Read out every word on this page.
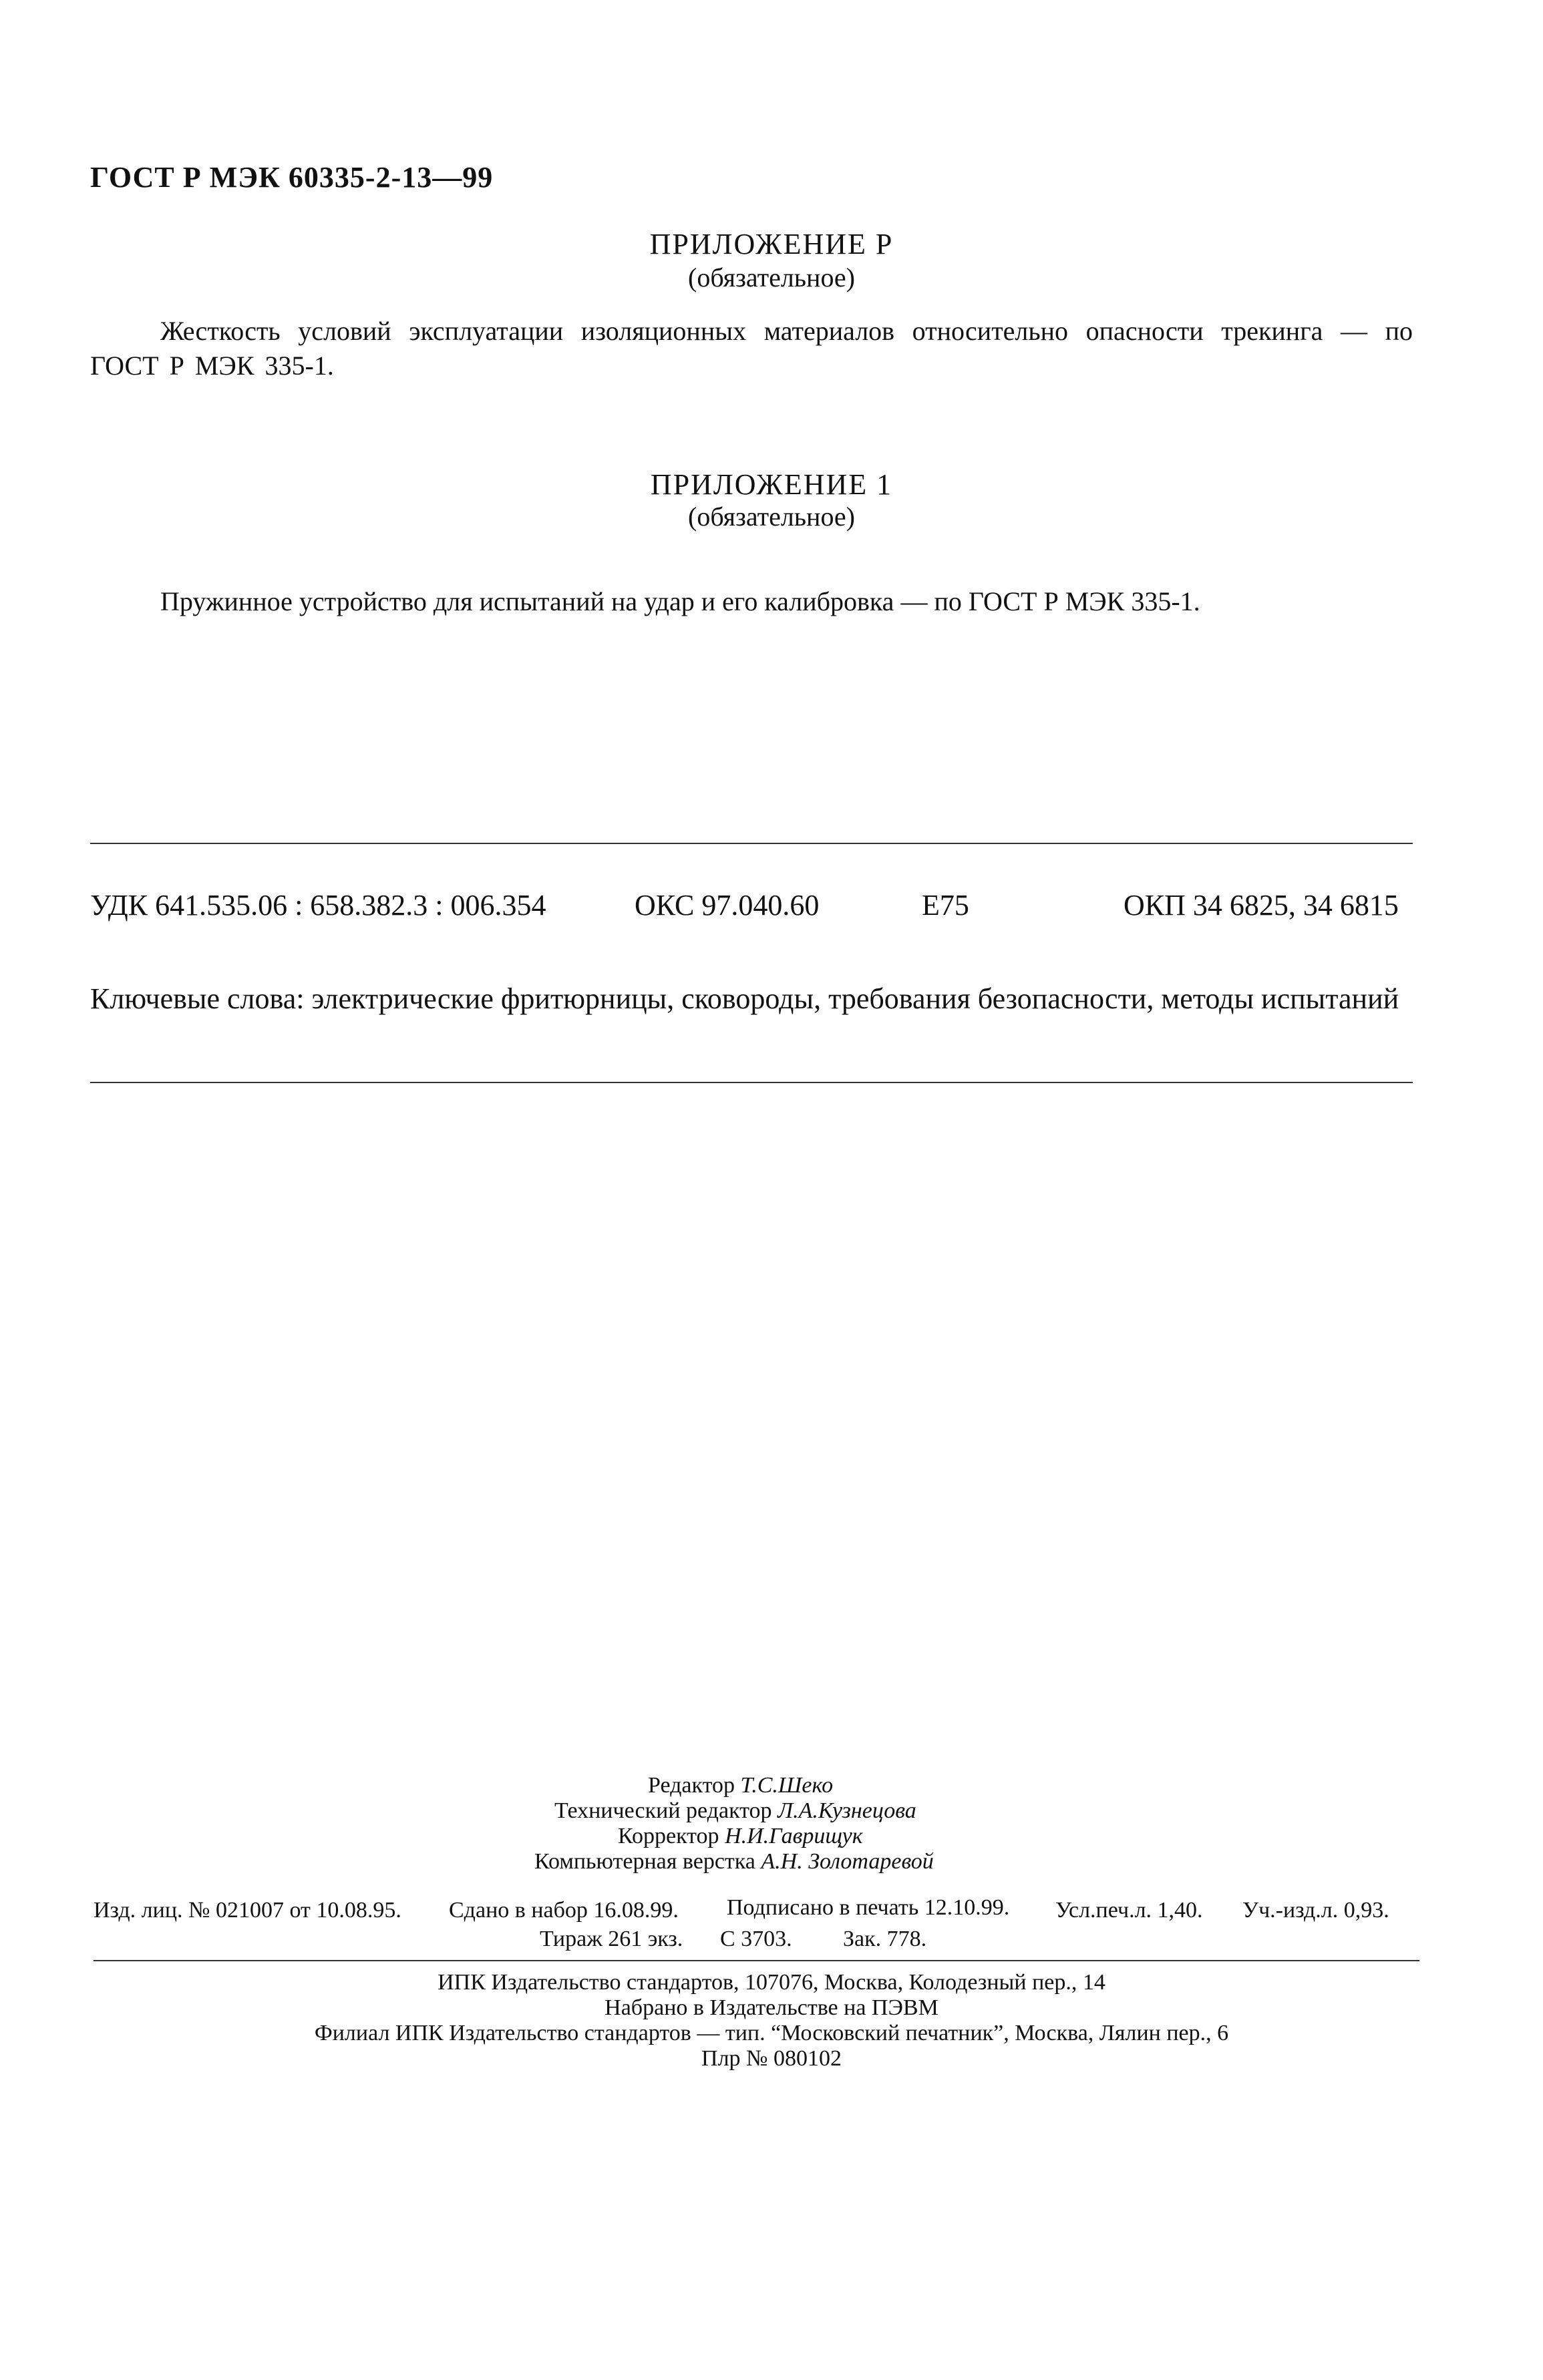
ГОСТ Р МЭК 60335-2-13—99
ПРИЛОЖЕНИЕ Р
(обязательное)
Жесткость условий эксплуатации изоляционных материалов относительно опасности трекинга — по ГОСТ Р МЭК 335-1.
ПРИЛОЖЕНИЕ 1
(обязательное)
Пружинное устройство для испытаний на удар и его калибровка — по ГОСТ Р МЭК 335-1.
УДК 641.535.06 : 658.382.3 : 006.354	ОКС 97.040.60	Е75	ОКП 34 6825, 34 6815
Ключевые слова: электрические фритюрницы, сковороды, требования безопасности, методы испытаний
Редактор Т.С.Шеко
Технический редактор Л.А.Кузнецова
Корректор Н.И.Гаврищук
Компьютерная верстка А.Н. Золотаревой
Изд. лиц. № 021007 от 10.08.95. Сдано в набор 16.08.99. Подписано в печать 12.10.99. Усл.печ.л. 1,40. Уч.-изд.л. 0,93.
Тираж 261 экз. С 3703. Зак. 778.
ИПК Издательство стандартов, 107076, Москва, Колодезный пер., 14
Набрано в Издательстве на ПЭВМ
Филиал ИПК Издательство стандартов — тип. “Московский печатник”, Москва, Лялин пер., 6
Плр № 080102
